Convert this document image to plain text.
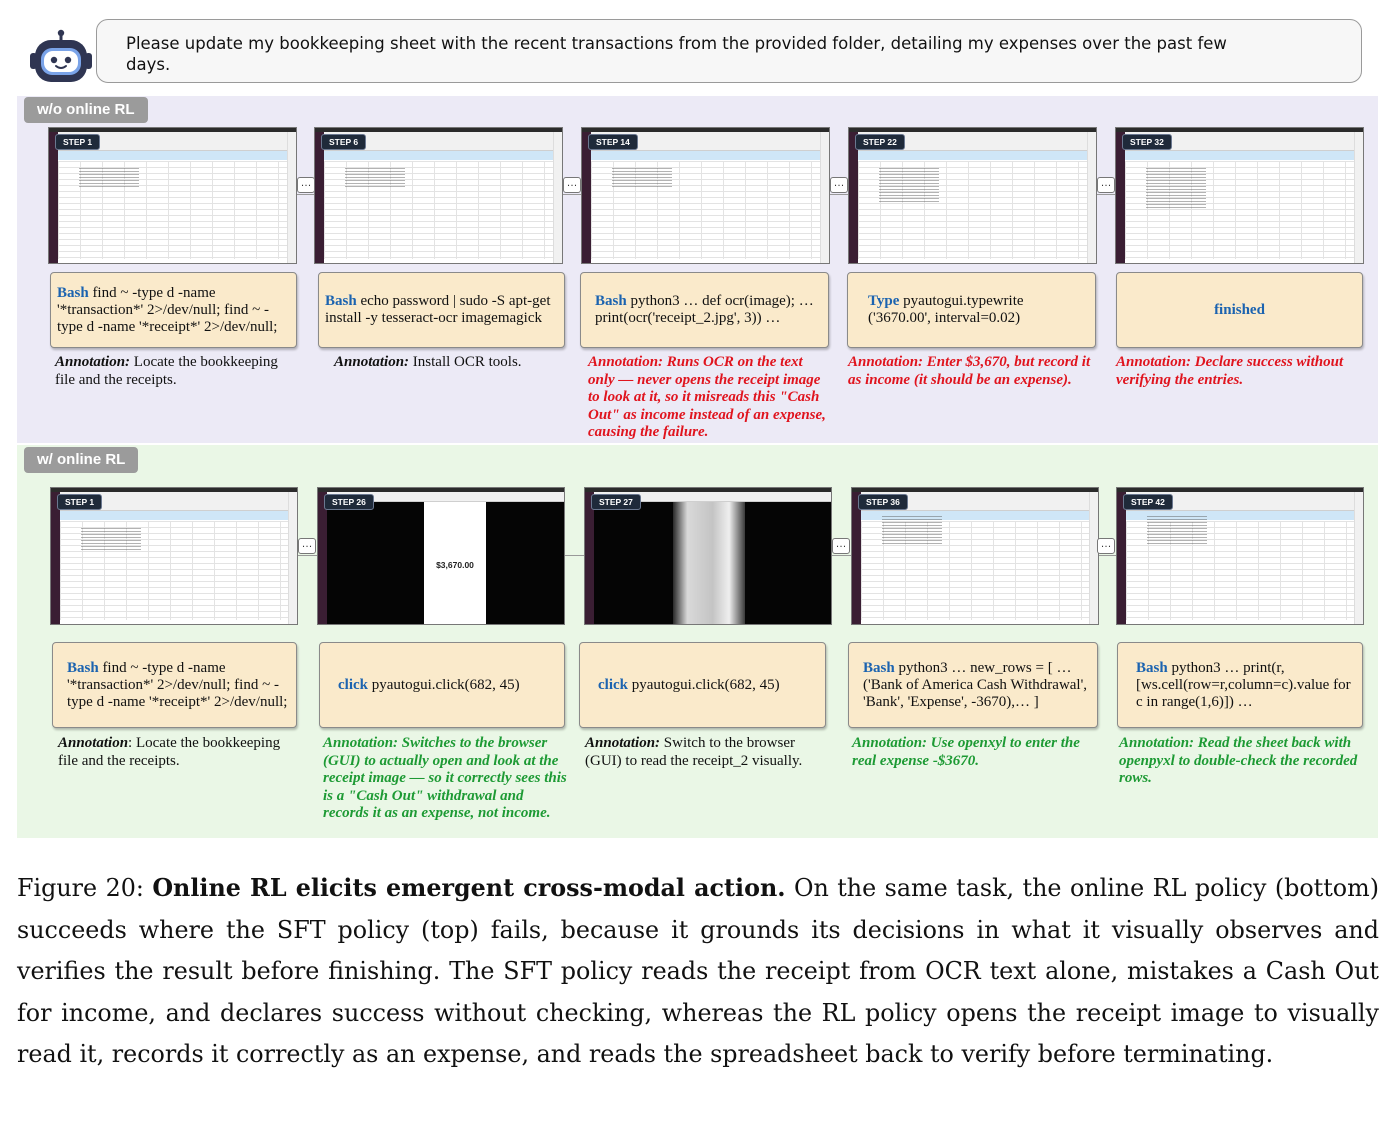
Please update my bookkeeping sheet with the recent transactions from the provided folder, detailing my expenses over the past few days.
w/o online RL
w/ online RL
STEP 1	STEP 6	STEP 14	STEP 22	STEP 32
…	…	…	…
Bash find ~ -type d -name '*transaction*' 2>/dev/null; find ~ -type d -name '*receipt*' 2>/dev/null;
Bash echo password | sudo -S apt-get install -y tesseract-ocr imagemagick
Bash python3 … def ocr(image); … print(ocr('receipt_2.jpg', 3)) …
Type pyautogui.typewrite ('3670.00', interval=0.02)
finished
Annotation: Locate the bookkeeping file and the receipts.
Annotation: Install OCR tools.	Annotation: Runs OCR on the text only — never opens the receipt image to look at it, so it misreads this "Cash Out" as income instead of an expense, causing the failure.
Annotation: Enter $3,670, but record it as income (it should be an expense).
Annotation: Declare success without verifying the entries.
STEP 1
$3,670.00
STEP 26	STEP 27	STEP 36	STEP 42
…	…	…
Bash find ~ -type d -name '*transaction*' 2>/dev/null; find ~ -type d -name '*receipt*' 2>/dev/null;
click pyautogui.click(682, 45)	click pyautogui.click(682, 45)
Bash python3 … new_rows = [ …('Bank of America Cash Withdrawal', 'Bank', 'Expense', -3670),… ]
Bash python3 … print(r, [ws.cell(row=r,column=c).value for c in range(1,6)]) …
Annotation: Locate the bookkeeping file and the receipts.
Annotation: Switches to the browser (GUI) to actually open and look at the receipt image — so it correctly sees this is a "Cash Out" withdrawal and records it as an expense, not income.
Annotation: Switch to the browser (GUI) to read the receipt_2 visually.
Annotation: Use openxyl to enter the real expense -$3670.
Annotation: Read the sheet back with openpyxl to double-check the recorded rows.
Figure 20: Online RL elicits emergent cross-modal action. On the same task, the online RL policy (bottom) succeeds where the SFT policy (top) fails, because it grounds its decisions in what it visually observes and verifies the result before finishing. The SFT policy reads the receipt from OCR text alone, mistakes a Cash Out for income, and declares success without checking, whereas the RL policy opens the receipt image to visually read it, records it correctly as an expense, and reads the spreadsheet back to verify before terminating.
